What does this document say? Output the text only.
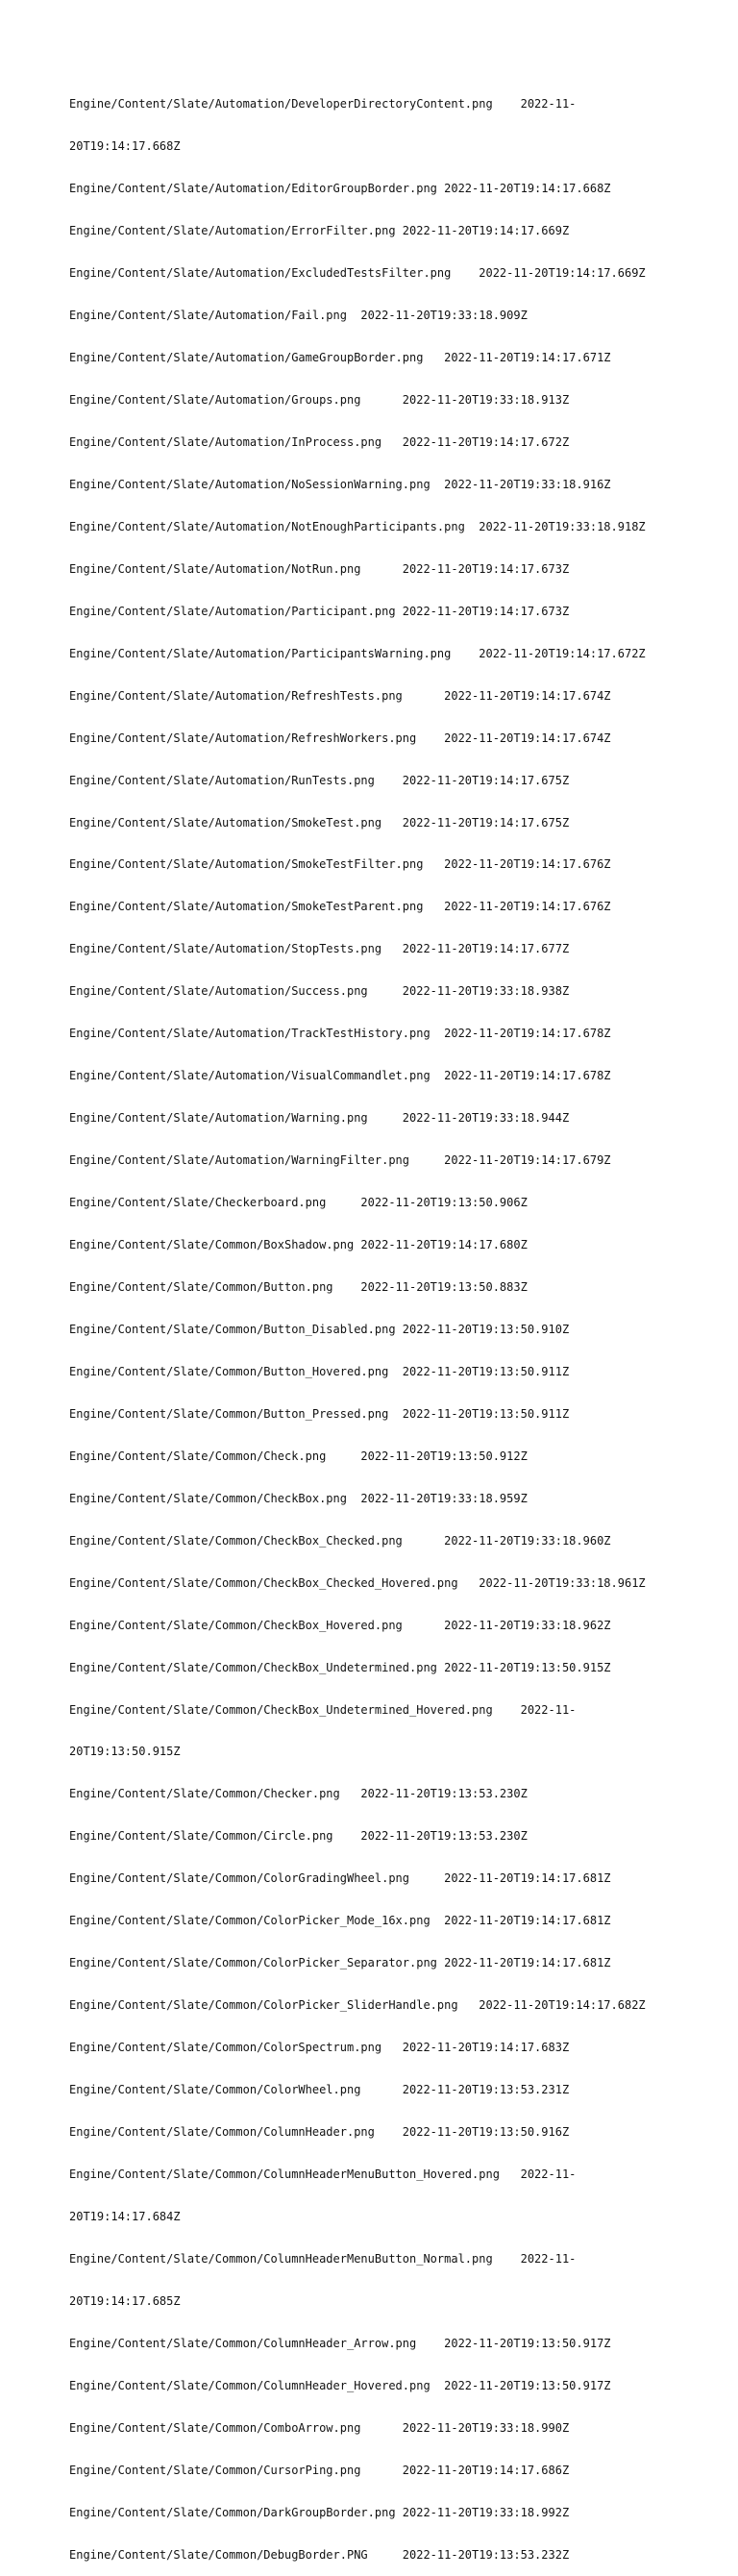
Engine/Content/Slate/Automation/DeveloperDirectoryContent.png    2022-11-

20T19:14:17.668Z

Engine/Content/Slate/Automation/EditorGroupBorder.png 2022-11-20T19:14:17.668Z

Engine/Content/Slate/Automation/ErrorFilter.png 2022-11-20T19:14:17.669Z

Engine/Content/Slate/Automation/ExcludedTestsFilter.png    2022-11-20T19:14:17.669Z

Engine/Content/Slate/Automation/Fail.png  2022-11-20T19:33:18.909Z

Engine/Content/Slate/Automation/GameGroupBorder.png   2022-11-20T19:14:17.671Z

Engine/Content/Slate/Automation/Groups.png      2022-11-20T19:33:18.913Z

Engine/Content/Slate/Automation/InProcess.png   2022-11-20T19:14:17.672Z

Engine/Content/Slate/Automation/NoSessionWarning.png  2022-11-20T19:33:18.916Z

Engine/Content/Slate/Automation/NotEnoughParticipants.png  2022-11-20T19:33:18.918Z

Engine/Content/Slate/Automation/NotRun.png      2022-11-20T19:14:17.673Z

Engine/Content/Slate/Automation/Participant.png 2022-11-20T19:14:17.673Z

Engine/Content/Slate/Automation/ParticipantsWarning.png    2022-11-20T19:14:17.672Z

Engine/Content/Slate/Automation/RefreshTests.png      2022-11-20T19:14:17.674Z

Engine/Content/Slate/Automation/RefreshWorkers.png    2022-11-20T19:14:17.674Z

Engine/Content/Slate/Automation/RunTests.png    2022-11-20T19:14:17.675Z

Engine/Content/Slate/Automation/SmokeTest.png   2022-11-20T19:14:17.675Z

Engine/Content/Slate/Automation/SmokeTestFilter.png   2022-11-20T19:14:17.676Z

Engine/Content/Slate/Automation/SmokeTestParent.png   2022-11-20T19:14:17.676Z

Engine/Content/Slate/Automation/StopTests.png   2022-11-20T19:14:17.677Z

Engine/Content/Slate/Automation/Success.png     2022-11-20T19:33:18.938Z

Engine/Content/Slate/Automation/TrackTestHistory.png  2022-11-20T19:14:17.678Z

Engine/Content/Slate/Automation/VisualCommandlet.png  2022-11-20T19:14:17.678Z

Engine/Content/Slate/Automation/Warning.png     2022-11-20T19:33:18.944Z

Engine/Content/Slate/Automation/WarningFilter.png     2022-11-20T19:14:17.679Z

Engine/Content/Slate/Checkerboard.png     2022-11-20T19:13:50.906Z

Engine/Content/Slate/Common/BoxShadow.png 2022-11-20T19:14:17.680Z

Engine/Content/Slate/Common/Button.png    2022-11-20T19:13:50.883Z

Engine/Content/Slate/Common/Button_Disabled.png 2022-11-20T19:13:50.910Z

Engine/Content/Slate/Common/Button_Hovered.png  2022-11-20T19:13:50.911Z

Engine/Content/Slate/Common/Button_Pressed.png  2022-11-20T19:13:50.911Z

Engine/Content/Slate/Common/Check.png     2022-11-20T19:13:50.912Z

Engine/Content/Slate/Common/CheckBox.png  2022-11-20T19:33:18.959Z

Engine/Content/Slate/Common/CheckBox_Checked.png      2022-11-20T19:33:18.960Z

Engine/Content/Slate/Common/CheckBox_Checked_Hovered.png   2022-11-20T19:33:18.961Z

Engine/Content/Slate/Common/CheckBox_Hovered.png      2022-11-20T19:33:18.962Z

Engine/Content/Slate/Common/CheckBox_Undetermined.png 2022-11-20T19:13:50.915Z

Engine/Content/Slate/Common/CheckBox_Undetermined_Hovered.png    2022-11-

20T19:13:50.915Z

Engine/Content/Slate/Common/Checker.png   2022-11-20T19:13:53.230Z

Engine/Content/Slate/Common/Circle.png    2022-11-20T19:13:53.230Z

Engine/Content/Slate/Common/ColorGradingWheel.png     2022-11-20T19:14:17.681Z

Engine/Content/Slate/Common/ColorPicker_Mode_16x.png  2022-11-20T19:14:17.681Z

Engine/Content/Slate/Common/ColorPicker_Separator.png 2022-11-20T19:14:17.681Z

Engine/Content/Slate/Common/ColorPicker_SliderHandle.png   2022-11-20T19:14:17.682Z

Engine/Content/Slate/Common/ColorSpectrum.png   2022-11-20T19:14:17.683Z

Engine/Content/Slate/Common/ColorWheel.png      2022-11-20T19:13:53.231Z

Engine/Content/Slate/Common/ColumnHeader.png    2022-11-20T19:13:50.916Z

Engine/Content/Slate/Common/ColumnHeaderMenuButton_Hovered.png   2022-11-

20T19:14:17.684Z

Engine/Content/Slate/Common/ColumnHeaderMenuButton_Normal.png    2022-11-

20T19:14:17.685Z

Engine/Content/Slate/Common/ColumnHeader_Arrow.png    2022-11-20T19:13:50.917Z

Engine/Content/Slate/Common/ColumnHeader_Hovered.png  2022-11-20T19:13:50.917Z

Engine/Content/Slate/Common/ComboArrow.png      2022-11-20T19:33:18.990Z

Engine/Content/Slate/Common/CursorPing.png      2022-11-20T19:14:17.686Z

Engine/Content/Slate/Common/DarkGroupBorder.png 2022-11-20T19:33:18.992Z

Engine/Content/Slate/Common/DebugBorder.PNG     2022-11-20T19:13:53.232Z
